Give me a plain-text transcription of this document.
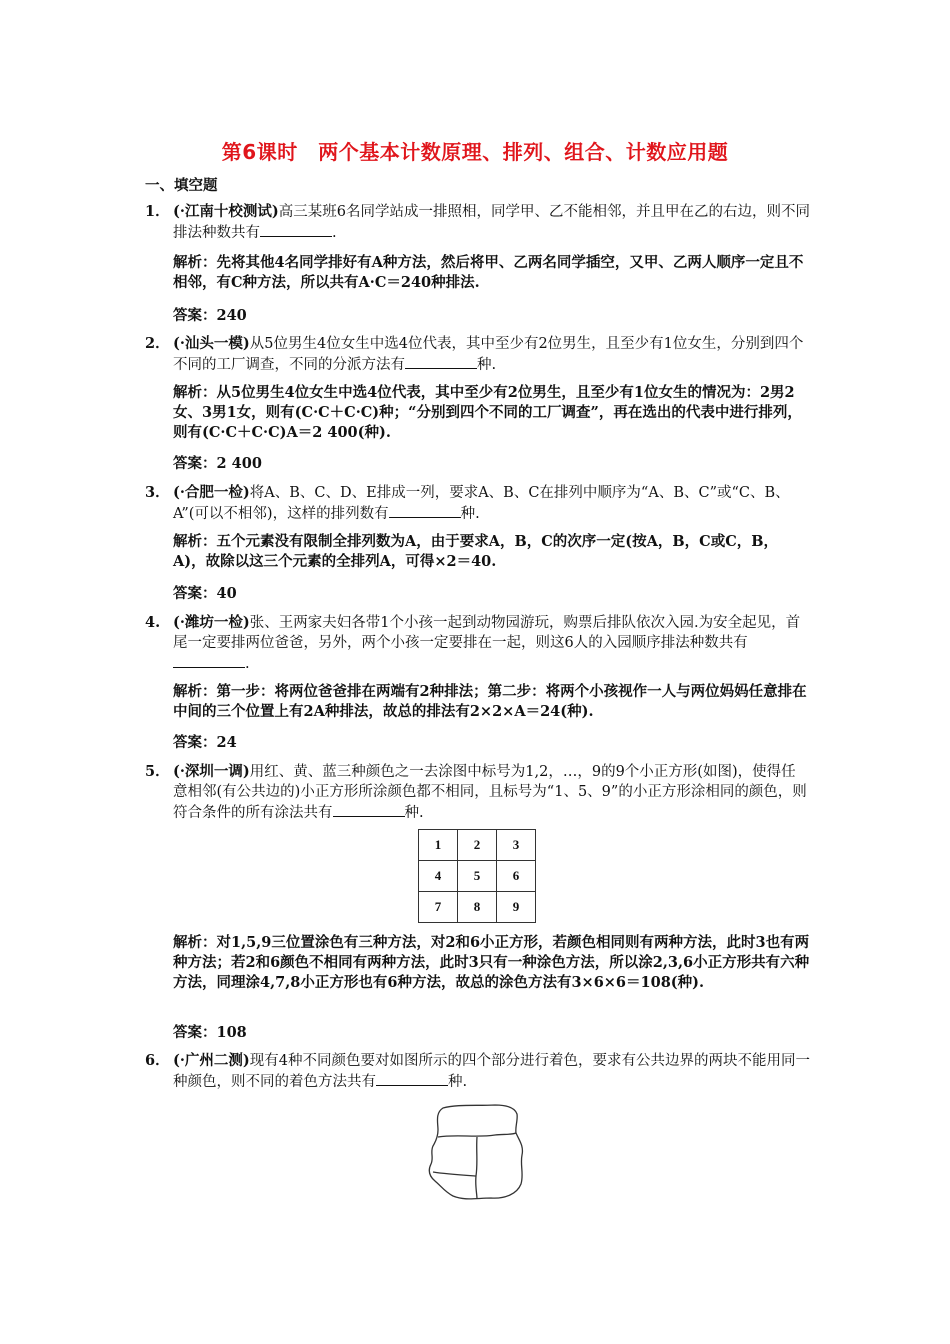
第6课时　两个基本计数原理、排列、组合、计数应用题
一、填空题
1． (·江南十校测试)高三某班6名同学站成一排照相，同学甲、乙不能相邻，并且甲在乙的右边，则不同排法种数共有	.
解析：先将其他4名同学排好有A种方法，然后将甲、乙两名同学插空，又甲、乙两人顺序一定且不相邻，有C种方法，所以共有A·C＝240种排法.
答案：240
2． (·汕头一模)从5位男生4位女生中选4位代表，其中至少有2位男生，且至少有1位女生，分别到四个不同的工厂调查，不同的分派方法有	种.
解析：从5位男生4位女生中选4位代表，其中至少有2位男生，且至少有1位女生的情况为：2男2女、3男1女，则有(C·C＋C·C)种；“分别到四个不同的工厂调查”，再在选出的代表中进行排列，则有(C·C＋C·C)A＝2 400(种).
答案：2 400
3． (·合肥一检)将A、B、C、D、E排成一列，要求A、B、C在排列中顺序为“A、B、C”或“C、B、A”(可以不相邻)，这样的排列数有	种.
解析：五个元素没有限制全排列数为A，由于要求A，B，C的次序一定(按A，B，C或C，B，A)，故除以这三个元素的全排列A，可得×2＝40.
答案：40
4. (·潍坊一检)张、王两家夫妇各带1个小孩一起到动物园游玩，购票后排队依次入园.为安全起见，首尾一定要排两位爸爸，另外，两个小孩一定要排在一起，则这6人的入园顺序排法种数共有.
解析：第一步：将两位爸爸排在两端有2种排法；第二步：将两个小孩视作一人与两位妈妈任意排在中间的三个位置上有2A种排法，故总的排法有2×2×A＝24(种).
答案：24
5． (·深圳一调)用红、黄、蓝三种颜色之一去涂图中标号为1,2，…，9的9个小正方形(如图)，使得任意相邻(有公共边的)小正方形所涂颜色都不相同，且标号为“1、5、9”的小正方形涂相同的颜色，则符合条件的所有涂法共有	种.
1	2	3
4	5	6
7	8	9
解析：对1,5,9三位置涂色有三种方法，对2和6小正方形，若颜色相同则有两种方法，此时3也有两种方法；若2和6颜色不相同有两种方法，此时3只有一种涂色方法，所以涂2,3,6小正方形共有六种方法，同理涂4,7,8小正方形也有6种方法，故总的涂色方法有3×6×6＝108(种).
答案：108
6． (·广州二测)现有4种不同颜色要对如图所示的四个部分进行着色，要求有公共边界的两块不能用同一种颜色，则不同的着色方法共有	种.
